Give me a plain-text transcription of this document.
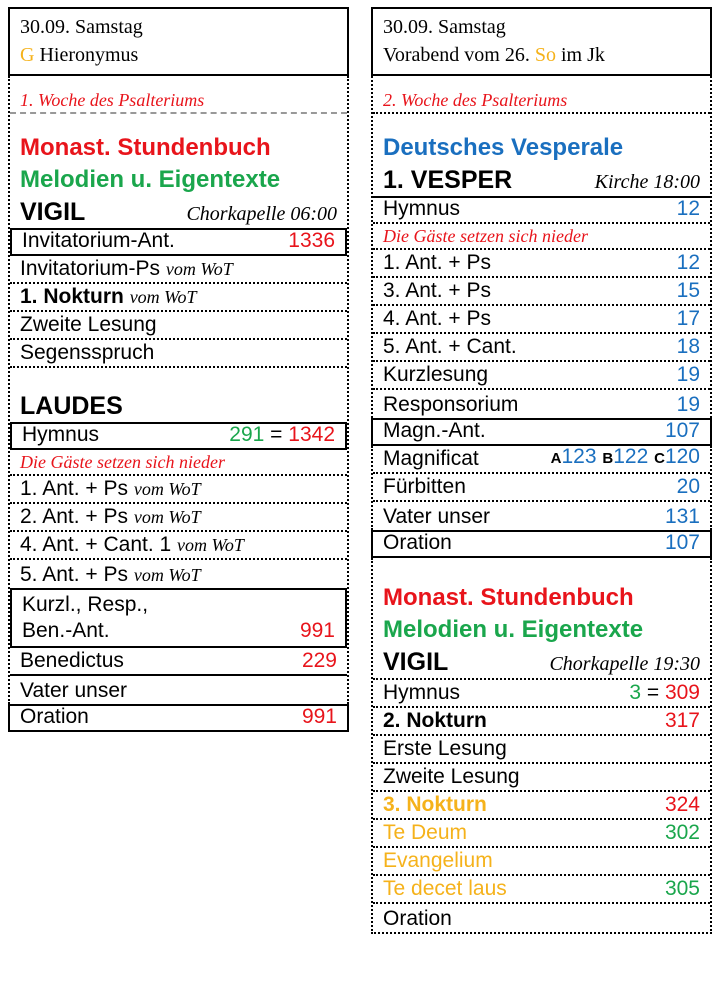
30.09. Samstag
G Hieronymus
1. Woche des Psalteriums
Monast. Stundenbuch
Melodien u. Eigentexte
VIGIL	Chorkapelle 06:00
Invitatorium-Ant.	1336
Invitatorium-Ps vom WoT
1. Nokturn vom WoT
Zweite Lesung
Segensspruch
LAUDES
Hymnus	291 = 1342
Die Gäste setzen sich nieder
1. Ant. + Ps vom WoT
2. Ant. + Ps vom WoT
4. Ant. + Cant. 1 vom WoT
5. Ant. + Ps vom WoT
Kurzl., Resp.,
Ben.-Ant.	991
Benedictus	229
Vater unser
Oration	991
30.09. Samstag
Vorabend vom 26. So im Jk
2. Woche des Psalteriums
Deutsches Vesperale
1. VESPER	Kirche 18:00
Hymnus	12
Die Gäste setzen sich nieder
1. Ant. + Ps	12
3. Ant. + Ps	15
4. Ant. + Ps	17
5. Ant. + Cant.	18
Kurzlesung	19
Responsorium	19
Magn.-Ant.	107
Magnificat	A123 B122 C120
Fürbitten	20
Vater unser	131
Oration	107
Monast. Stundenbuch
Melodien u. Eigentexte
VIGIL	Chorkapelle 19:30
Hymnus	3 = 309
2. Nokturn	317
Erste Lesung
Zweite Lesung
3. Nokturn	324
Te Deum	302
Evangelium
Te decet laus	305
Oration
